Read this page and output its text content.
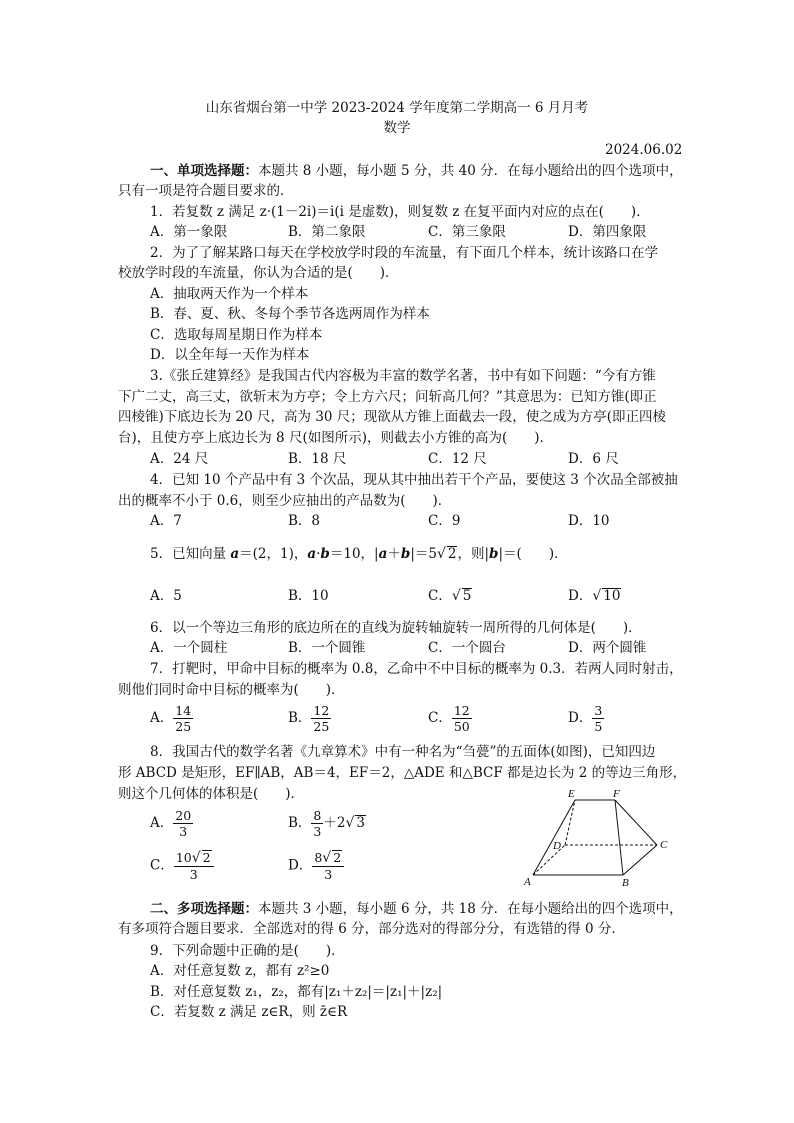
山东省烟台第一中学 2023-2024 学年度第二学期高一 6 月月考
数学
2024.06.02
一、单项选择题：本题共 8 小题，每小题 5 分，共 40 分．在每小题给出的四个选项中，
只有一项是符合题目要求的．
1．若复数 z 满足 z·(1－2i)＝i(i 是虚数)，则复数 z 在复平面内对应的点在(　　)．
A．第一象限	B．第二象限	C．第三象限	D．第四象限
2．为了了解某路口每天在学校放学时段的车流量，有下面几个样本，统计该路口在学
校放学时段的车流量，你认为合适的是(　　)．
A．抽取两天作为一个样本
B．春、夏、秋、冬每个季节各选两周作为样本
C．选取每周星期日作为样本
D．以全年每一天作为样本
3.《张丘建算经》是我国古代内容极为丰富的数学名著，书中有如下问题：“今有方锥
下广二丈，高三丈，欲斩末为方亭；令上方六尺；问斩高几何？”其意思为：已知方锥(即正
四棱锥)下底边长为 20 尺，高为 30 尺；现欲从方锥上面截去一段，使之成为方亭(即正四棱
台)，且使方亭上底边长为 8 尺(如图所示)，则截去小方锥的高为(　　)．
A．24 尺	B．18 尺	C．12 尺	D．6 尺
4．已知 10 个产品中有 3 个次品，现从其中抽出若干个产品，要使这 3 个次品全部被抽
出的概率不小于 0.6，则至少应抽出的产品数为(　　)．
A．7	B．8	C．9	D．10
5．已知向量 a＝(2，1)，a·b＝10，|a＋b|＝5√ 2，则|b|＝(　　)．
A．5	B．10	C．√ 5	D．√ 10
6．以一个等边三角形的底边所在的直线为旋转轴旋转一周所得的几何体是(　　)．
A．一个圆柱	B．一个圆锥	C．一个圆台	D．两个圆锥
7．打靶时，甲命中目标的概率为 0.8，乙命中不中目标的概率为 0.3．若两人同时射击，
则他们同时命中目标的概率为(　　)．
A． $\frac{14}{25}$	B． $\frac{12}{25}$	C． $\frac{12}{50}$	D． $\frac{3}{5}$
8．我国古代的数学名著《九章算术》中有一种名为“刍甍”的五面体(如图)，已知四边
形 ABCD 是矩形，EF∥AB，AB＝4，EF＝2，△ADE 和△BCF 都是边长为 2 的等边三角形，
则这个几何体的体积是(　　)．
A． $\frac{20}{3}$	B． $\frac{8}{3} +2√$ 3
C． $\frac{10√ 2}{3}$	D． $\frac{8√ 2}{3}$
E	F
D	C
A	B
二、多项选择题：本题共 3 小题，每小题 6 分，共 18 分．在每小题给出的四个选项中，
有多项符合题目要求．全部选对的得 6 分，部分选对的得部分分，有选错的得 0 分．
9．下列命题中正确的是(　　)．
A．对任意复数 z，都有 z²≥0
B．对任意复数 z₁，z₂，都有|z₁＋z₂|＝|z₁|＋|z₂|
C．若复数 z 满足 z∈R，则 z̄∈R
